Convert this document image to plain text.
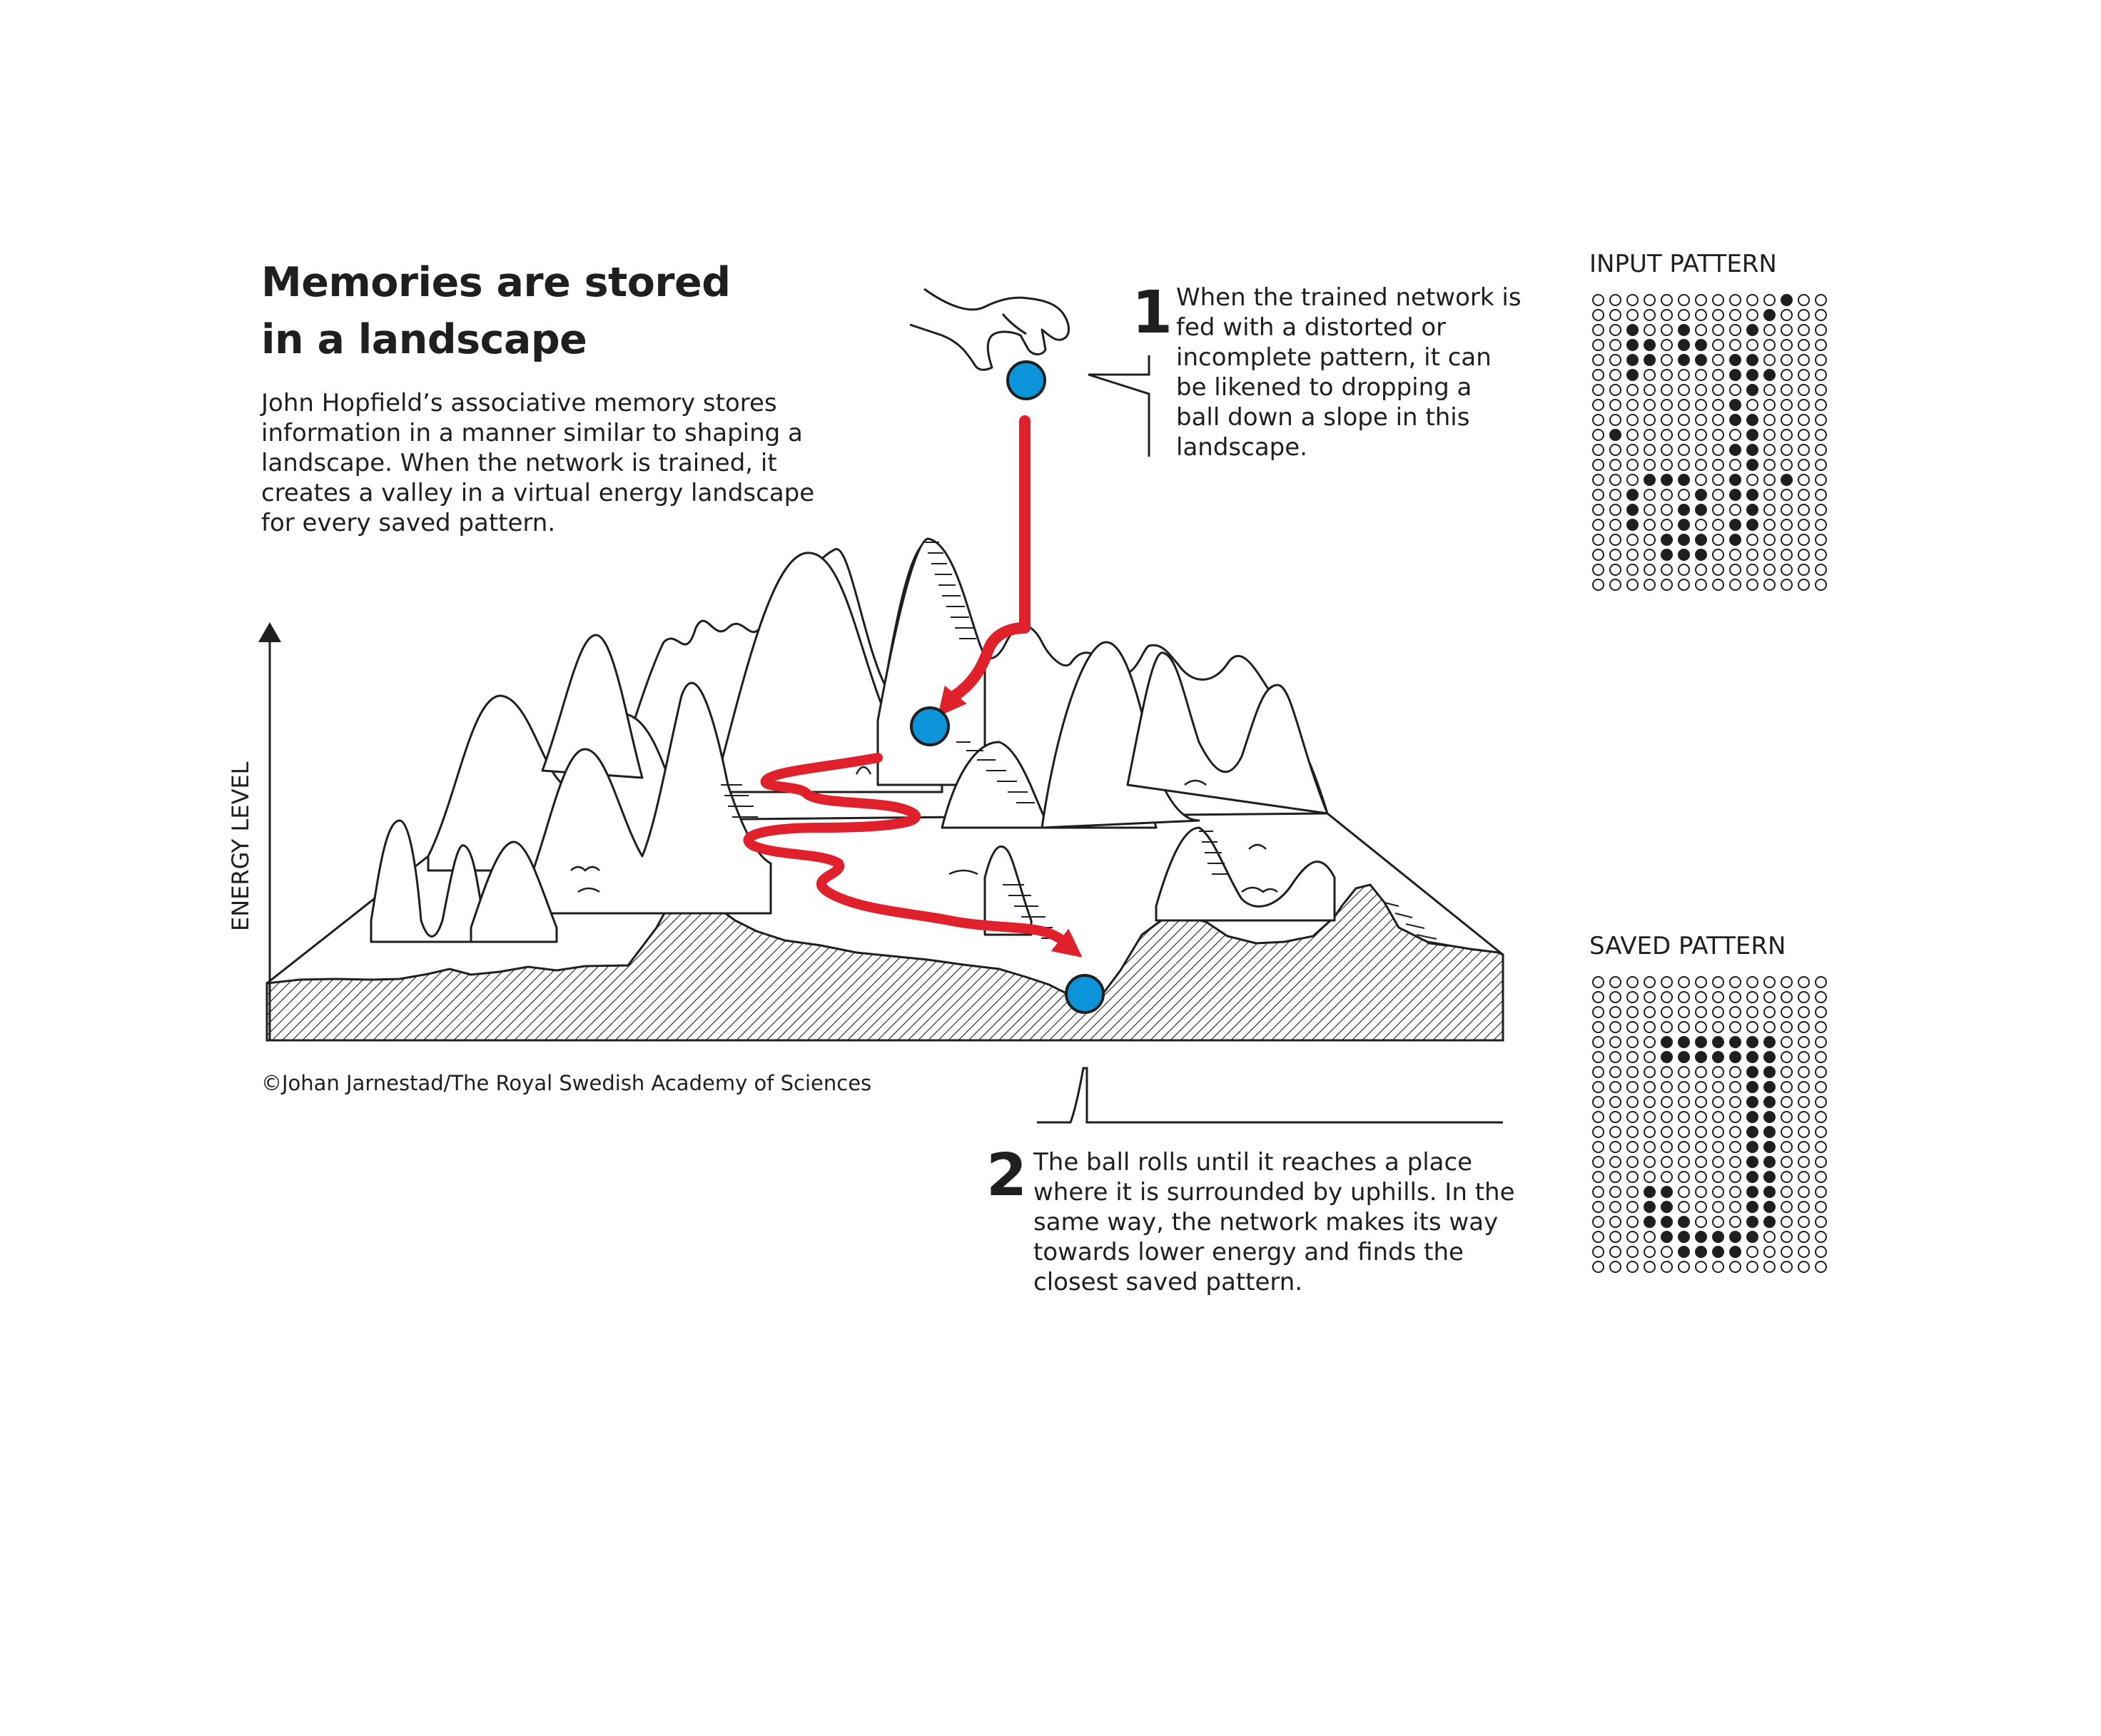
ENERGY LEVEL
Memories are stored
in a landscape
John Hopfield’s associative memory stores
information in a manner similar to shaping a
landscape. When the network is trained, it
creates a valley in a virtual energy landscape
for every saved pattern.
1 When the trained network is
fed with a distorted or
incomplete pattern, it can
be likened to dropping a
ball down a slope in this
landscape.
2 The ball rolls until it reaches a place
where it is surrounded by uphills. In the
same way, the network makes its way
towards lower energy and finds the
closest saved pattern.
©Johan Jarnestad/The Royal Swedish Academy of Sciences
INPUT PATTERN
SAVED PATTERN
